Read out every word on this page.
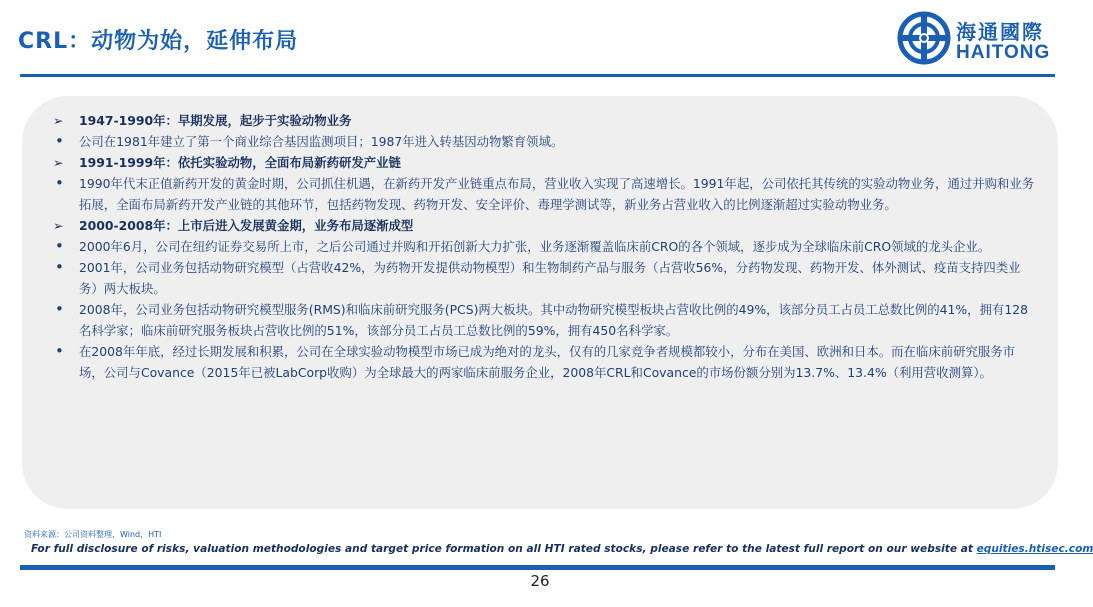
CRL：动物为始，延伸布局	海通國際
HAITONG
➢ 1947-1990年：早期发展，起步于实验动物业务
• 公司在1981年建立了第一个商业综合基因监测项目；1987年进入转基因动物繁育领域。
➢ 1991-1999年：依托实验动物，全面布局新药研发产业链
• 1990年代末正值新药开发的黄金时期，公司抓住机遇，在新药开发产业链重点布局，营业收入实现了高速增长。1991年起，公司依托其传统的实验动物业务，通过并购和业务拓展，全面布局新药开发产业链的其他环节，包括药物发现、药物开发、安全评价、毒理学测试等，新业务占营业收入的比例逐渐超过实验动物业务。
➢ 2000-2008年：上市后进入发展黄金期，业务布局逐渐成型
• 2000年6月，公司在纽约证券交易所上市，之后公司通过并购和开拓创新大力扩张，业务逐渐覆盖临床前CRO的各个领域，逐步成为全球临床前CRO领域的龙头企业。
• 2001年，公司业务包括动物研究模型（占营收42%，为药物开发提供动物模型）和生物制药产品与服务（占营收56%，分药物发现、药物开发、体外测试、疫苗支持四类业务）两大板块。
• 2008年，公司业务包括动物研究模型服务(RMS)和临床前研究服务(PCS)两大板块。其中动物研究模型板块占营收比例的49%，该部分员工占员工总数比例的41%，拥有128名科学家；临床前研究服务板块占营收比例的51%，该部分员工占员工总数比例的59%，拥有450名科学家。
• 在2008年年底，经过长期发展和积累，公司在全球实验动物模型市场已成为绝对的龙头，仅有的几家竞争者规模都较小，分布在美国、欧洲和日本。而在临床前研究服务市场，公司与Covance（2015年已被LabCorp收购）为全球最大的两家临床前服务企业，2008年CRL和Covance的市场份额分别为13.7%、13.4%（利用营收测算）。
资料来源：公司资料整理，Wind，HTI
For full disclosure of risks, valuation methodologies and target price formation on all HTI rated stocks, please refer to the latest full report on our website at equities.htisec.com
26
